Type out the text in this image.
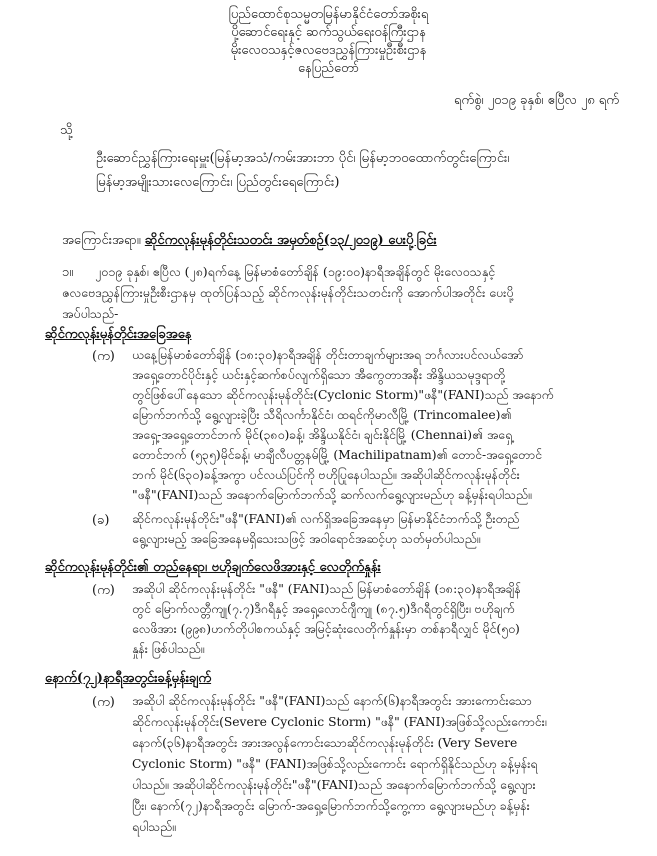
ပြည်ထောင်စုသမ္မတမြန်မာနိုင်ငံတော်အစိုးရ
ပို့ဆောင်ရေးနှင့် ဆက်သွယ်ရေးဝန်ကြီးဌာန
မိုးလေဝသနှင့်ဇလဗေဒညွှန်ကြားမှုဦးစီးဌာန
နေပြည်တော်
ရက်စွဲ၊ ၂၀၁၉ ခုနှစ်၊ ဧပြီလ ၂၈ ရက်
သို့
ဦးဆောင်ညွှန်ကြားရေးမှူး(မြန်မာ့အသံ/ကမ်းအားဘာ ပိုင်၊ မြန်မာ့ဘဝထောက်တွင်းကြောင်း၊
မြန်မာ့အမျိုးသားလေကြောင်း၊ ပြည်တွင်းရေကြောင်း)
အကြောင်းအရာ။ ဆိုင်ကလုန်းမုန်တိုင်းသတင်း အမှတ်စဉ်(၁၃/၂၀၁၉) ပေးပို့ခြင်း
၁။ ၂၀၁၉ ခုနှစ်၊ ဧပြီလ (၂၈)ရက်နေ့ မြန်မာစံတော်ချိန် (၁၉:၀၀)နာရီအချိန်တွင် မိုးလေဝသနှင့်
ဇလဗေဒညွှန်ကြားမှုဦးစီးဌာနမှ ထုတ်ပြန်သည့် ဆိုင်ကလုန်းမုန်တိုင်းသတင်းကို အောက်ပါအတိုင်း ပေးပို့
အပ်ပါသည်-
ဆိုင်ကလုန်းမုန်တိုင်းအခြေအနေ
(က) ယနေ့မြန်မာစံတော်ချိန် (၁၈:၃၀)နာရီအချိန် တိုင်းတာချက်များအရ ဘင်္ဂလားပင်လယ်အော်
အရှေ့တောင်ပိုင်းနှင့် ယင်းနှင့်ဆက်စပ်လျက်ရှိသော အီကွေတာအနီး အိန္ဒိယသမုဒ္ဒရာတို့
တွင်ဖြစ်ပေါ်နေသော ဆိုင်ကလုန်းမုန်တိုင်း(Cyclonic Storm)"ဖနီ"(FANI)သည် အနောက်
မြောက်ဘက်သို့ ရွေ့လျားခဲ့ပြီး သီရိလင်္ကာနိုင်ငံ၊ ထရင်ကိုမာလီမြို့ (Trincomalee)၏
အရှေ့-အရှေ့တောင်ဘက် မိုင်(၃၈၀)ခန့်၊ အိန္ဒိယနိုင်ငံ၊ ချင်းနိုင်မြို့ (Chennai)၏ အရှေ့
တောင်ဘက် (၅၃၅)မိုင်ခန့်၊ မာချီလီပတ္တနမ်မြို့ (Machilipatnam)၏ တောင်-အရှေ့တောင်
ဘက် မိုင်(၆၃၀)ခန့်အကွာ ပင်လယ်ပြင်ကို ဗဟိုပြုနေပါသည်။ အဆိုပါဆိုင်ကလုန်းမုန်တိုင်း
"ဖနီ"(FANI)သည် အနောက်မြောက်ဘက်သို့ ဆက်လက်ရွေ့လျားမည်ဟု ခန့်မှန်းရပါသည်။
(ခ) ဆိုင်ကလုန်းမုန်တိုင်း"ဖနီ"(FANI)၏ လက်ရှိအခြေအနေမှာ မြန်မာနိုင်ငံဘက်သို့ ဦးတည်
ရွေ့လျားမည့် အခြေအနေမရှိသေးသဖြင့် အဝါရောင်အဆင့်ဟု သတ်မှတ်ပါသည်။
ဆိုင်ကလုန်းမုန်တိုင်း၏ တည်နေရာ၊ ဗဟိုချက်လေဖိအားနှင့် လေတိုက်နှုန်း
(က) အဆိုပါ ဆိုင်ကလုန်းမုန်တိုင်း "ဖနီ" (FANI)သည် မြန်မာစံတော်ချိန် (၁၈:၃၀)နာရီအချိန်
တွင် မြောက်လတ္တီကျု(၇.၇)ဒီဂရီနှင့် အရှေ့လောင်ဂျီကျု (၈၇.၅)ဒီဂရီတွင်ရှိပြီး၊ ဗဟိုချက်
လေဖိအား (၉၉၈)ဟက်တိုပါစကယ်နှင့် အမြင့်ဆုံးလေတိုက်နှုန်းမှာ တစ်နာရီလျှင် မိုင်(၅၀)
နှုန်း ဖြစ်ပါသည်။
နောက်(၇၂)နာရီအတွင်းခန့်မှန်းချက်
(က) အဆိုပါ ဆိုင်ကလုန်းမုန်တိုင်း "ဖနီ"(FANI)သည် နောက်(၆)နာရီအတွင်း အားကောင်းသော
ဆိုင်ကလုန်းမုန်တိုင်း(Severe Cyclonic Storm) "ဖနီ" (FANI)အဖြစ်သို့လည်းကောင်း၊
နောက်(၃၆)နာရီအတွင်း အားအလွန်ကောင်းသောဆိုင်ကလုန်းမုန်တိုင်း (Very Severe
Cyclonic Storm) "ဖနီ" (FANI)အဖြစ်သို့လည်းကောင်း ရောက်ရှိနိုင်သည်ဟု ခန့်မှန်းရ
ပါသည်။ အဆိုပါဆိုင်ကလုန်းမုန်တိုင်း"ဖနီ"(FANI)သည် အနောက်မြောက်ဘက်သို့ ရွေ့လျား
ပြီး၊ နောက်(၇၂)နာရီအတွင်း မြောက်-အရှေ့မြောက်ဘက်သို့ကွေ့ကာ ရွေ့လျားမည်ဟု ခန့်မှန်း
ရပါသည်။
